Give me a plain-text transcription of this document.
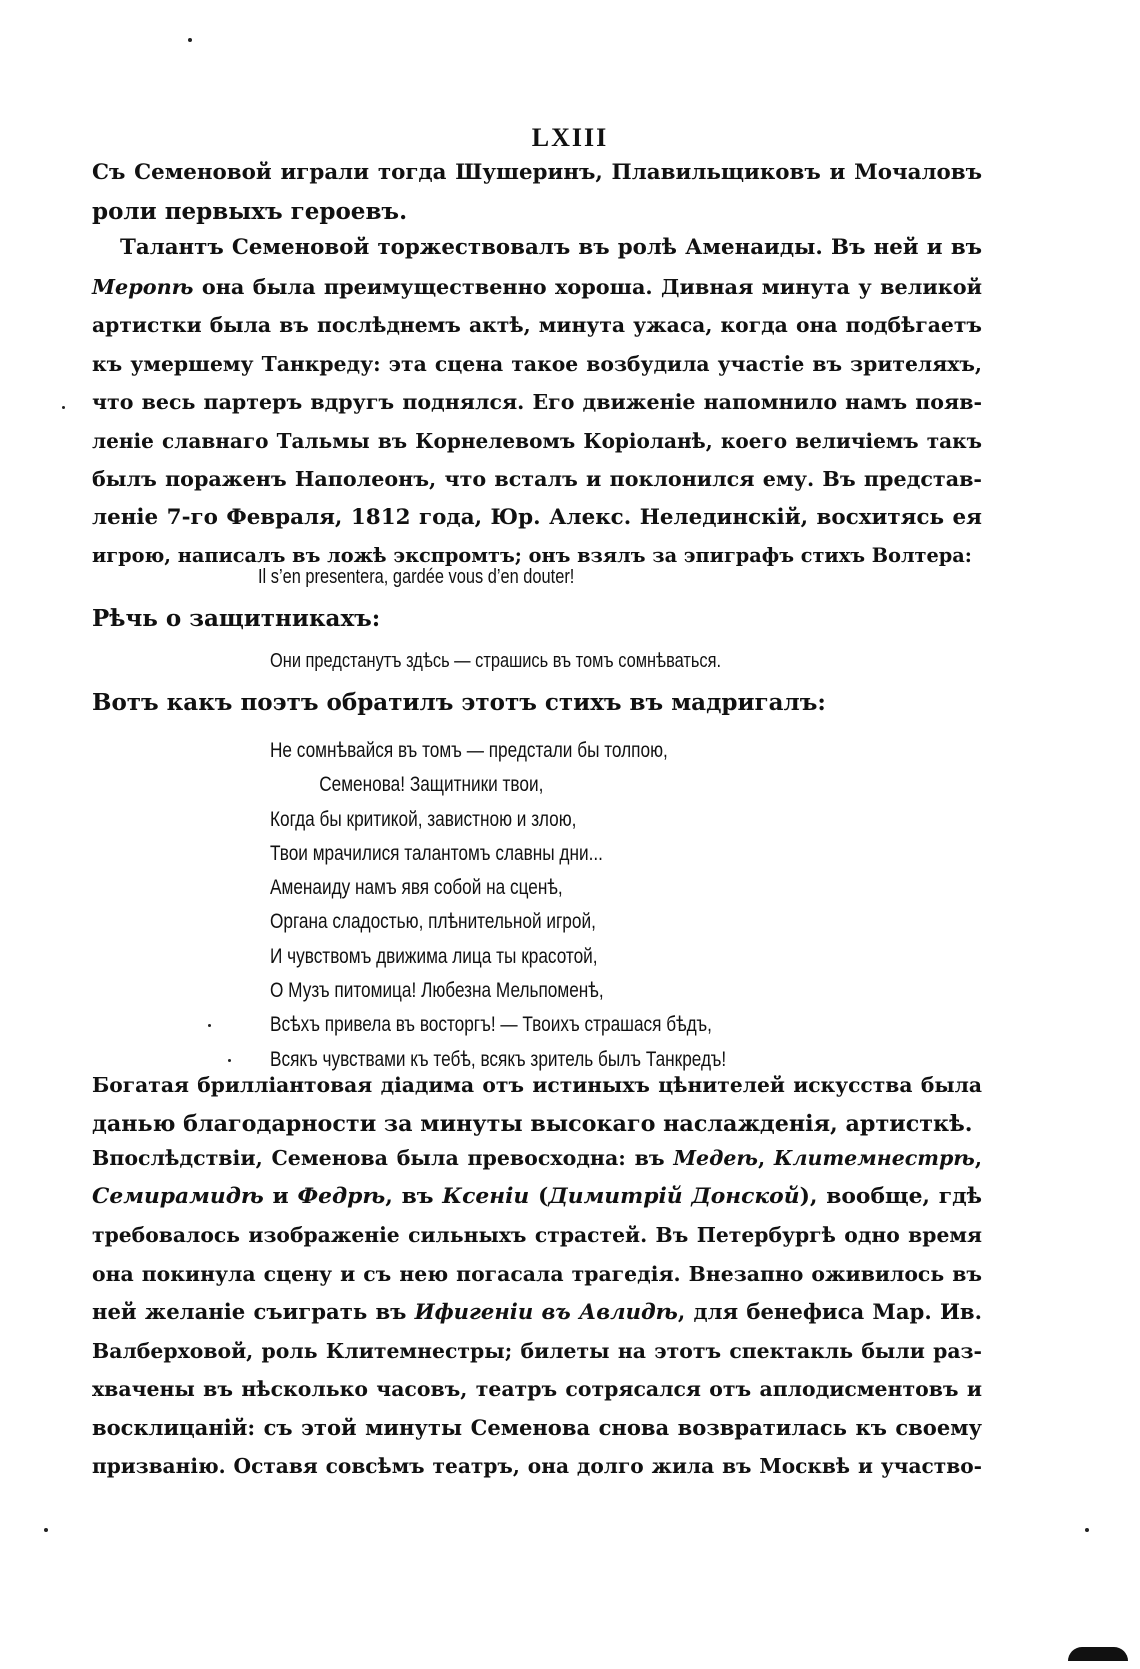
LXIII
Съ Семеновой играли тогда Шушеринъ, Плавильщиковъ и Мочаловъ
роли первыхъ героевъ.
Талантъ Семеновой торжествовалъ въ ролѣ Аменаиды. Въ ней и въ
Меропѣ она была преимущественно хороша. Дивная минута у великой
артистки была въ послѣднемъ актѣ, минута ужаса, когда она подбѣгаетъ
къ умершему Танкреду: эта сцена такое возбудила участіе въ зрителяхъ,
что весь партеръ вдругъ поднялся. Его движеніе напомнило намъ появ-
леніе славнаго Тальмы въ Корнелевомъ Коріоланѣ, коего величіемъ такъ
былъ пораженъ Наполеонъ, что всталъ и поклонился ему. Въ представ-
леніе 7-го Февраля, 1812 года, Юр. Алекс. Нелединскій, восхитясь ея
игрою, написалъ въ ложѣ экспромтъ; онъ взялъ за эпиграфъ стихъ Волтера:
Il s’en presentera, gardée vous d’en douter!
Рѣчь о защитникахъ:
Они предстанутъ здѣсь — страшись въ томъ сомнѣваться.
Вотъ какъ поэтъ обратилъ этотъ стихъ въ мадригалъ:
Не сомнѣвайся въ томъ — предстали бы толпою,
Семенова! Защитники твои,
Когда бы критикой, завистною и злою,
Твои мрачилися талантомъ славны дни...
Аменаиду намъ явя собой на сценѣ,
Органа сладостью, плѣнительной игрой,
И чувствомъ движима лица ты красотой,
О Музъ питомица! Любезна Мельпоменѣ,
Всѣхъ привела въ восторгъ! — Твоихъ страшася бѣдъ,
Всякъ чувствами къ тебѣ, всякъ зритель былъ Танкредъ!
Богатая бриллiантовая дiадима отъ истиныхъ цѣнителей искусства была
данью благодарности за минуты высокаго наслажденія, артисткѣ.
Впослѣдствіи, Семенова была превосходна: въ Медеѣ, Клитемнестрѣ,
Семирамидѣ и Федрѣ, въ Ксеніи (Димитрій Донской), вообще, гдѣ
требовалось изображеніе сильныхъ страстей. Въ Петербургѣ одно время
она покинула сцену и съ нею погасала трагедія. Внезапно оживилось въ
ней желаніе съиграть въ Ифигеніи въ Авлидѣ, для бенефиса Мар. Ив.
Валберховой, роль Клитемнестры; билеты на этотъ спектакль были раз-
хвачены въ нѣсколько часовъ, театръ сотрясался отъ аплодисментовъ и
восклицаній: съ этой минуты Семенова снова возвратилась къ своему
призванію. Оставя совсѣмъ театръ, она долго жила въ Москвѣ и участво-
